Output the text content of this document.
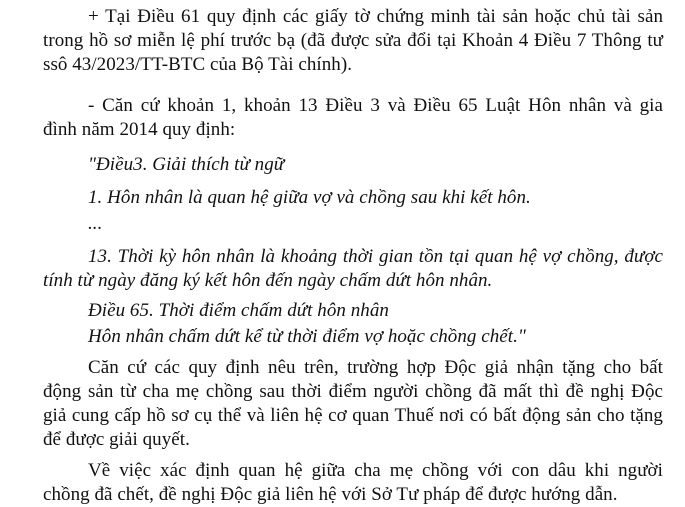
+ Tại Điều 61 quy định các giấy tờ chứng minh tài sản hoặc chủ tài sản
trong hồ sơ miễn lệ phí trước bạ (đã được sửa đổi tại Khoản 4 Điều 7 Thông tư
ssô 43/2023/TT-BTC của Bộ Tài chính).
- Căn cứ khoản 1, khoản 13 Điều 3 và Điều 65 Luật Hôn nhân và gia
đình năm 2014 quy định:
"Điều3. Giải thích từ ngữ
1. Hôn nhân là quan hệ giữa vợ và chồng sau khi kết hôn.
...
13. Thời kỳ hôn nhân là khoảng thời gian tồn tại quan hệ vợ chồng, được
tính từ ngày đăng ký kết hôn đến ngày chấm dứt hôn nhân.
Điều 65. Thời điểm chấm dứt hôn nhân
Hôn nhân chấm dứt kể từ thời điểm vợ hoặc chồng chết."
Căn cứ các quy định nêu trên, trường hợp Độc giả nhận tặng cho bất
động sản từ cha mẹ chồng sau thời điểm người chồng đã mất thì đề nghị Độc
giả cung cấp hồ sơ cụ thể và liên hệ cơ quan Thuế nơi có bất động sản cho tặng
để được giải quyết.
Về việc xác định quan hệ giữa cha mẹ chồng với con dâu khi người
chồng đã chết, đề nghị Độc giả liên hệ với Sở Tư pháp để được hướng dẫn.
